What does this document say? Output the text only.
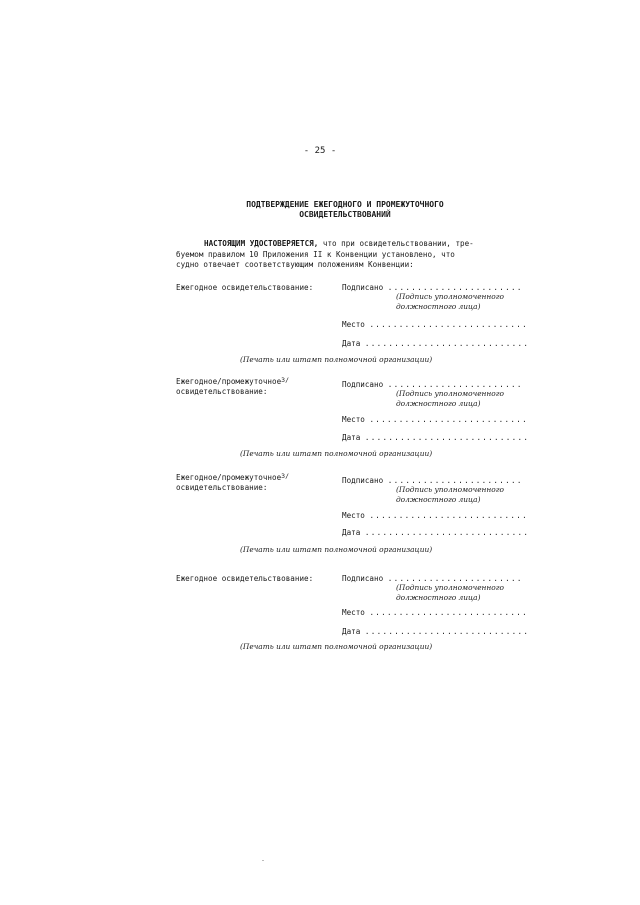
- 25 -
ПОДТВЕРЖДЕНИЕ ЕЖЕГОДНОГО И ПРОМЕЖУТОЧНОГО
ОСВИДЕТЕЛЬСТВОВАНИЙ
НАСТОЯЩИМ УДОСТОВЕРЯЕТСЯ, что при освидетельствовании, тре-
буемом правилом 10 Приложения II к Конвенции установлено, что
судно отвечает соответствующим положениям Конвенции:
Ежегодное освидетельствование:	Подписано .......................
(Подпись уполномоченного
должностного лица)
Место ...........................
Дата ............................
(Печать или штамп полномочной организации)
Ежегодное/промежуточное$^{3/}$
освидетельствование:
Подписано .......................
(Подпись уполномоченного
должностного лица)
Место ...........................
Дата ............................
(Печать или штамп полномочной организации)
Ежегодное/промежуточное$^{3/}$
освидетельствование:
Подписано .......................
(Подпись уполномоченного
должностного лица)
Место ...........................
Дата ............................
(Печать или штамп полномочной организации)
Ежегодное освидетельствование:	Подписано .......................
(Подпись уполномоченного
должностного лица)
Место ...........................
Дата ............................
(Печать или штамп полномочной организации)
